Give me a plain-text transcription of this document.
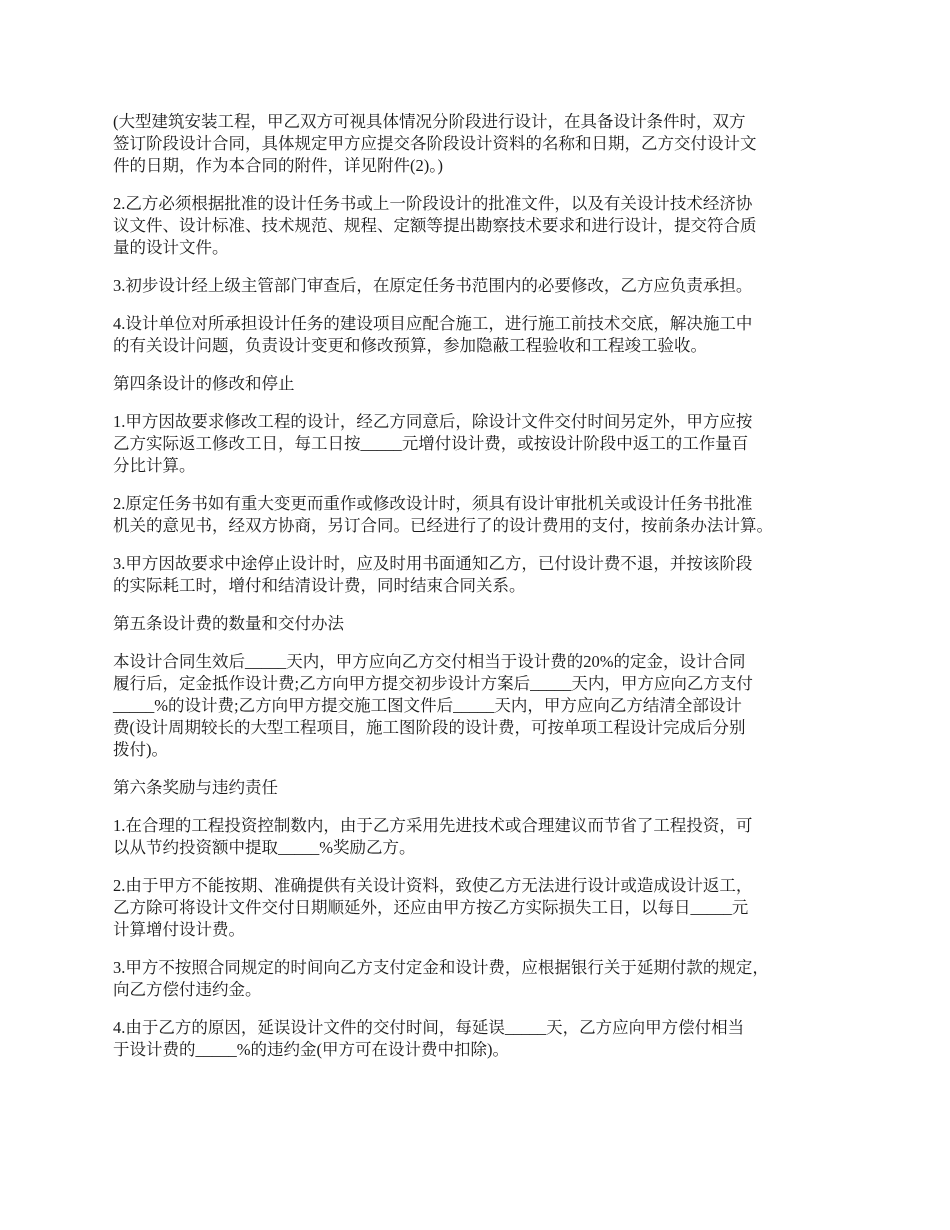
(大型建筑安装工程，甲乙双方可视具体情况分阶段进行设计，在具备设计条件时，双方
签订阶段设计合同，具体规定甲方应提交各阶段设计资料的名称和日期，乙方交付设计文
件的日期，作为本合同的附件，详见附件(2)。)

2.乙方必须根据批准的设计任务书或上一阶段设计的批准文件，以及有关设计技术经济协
议文件、设计标准、技术规范、规程、定额等提出勘察技术要求和进行设计，提交符合质
量的设计文件。

3.初步设计经上级主管部门审查后，在原定任务书范围内的必要修改，乙方应负责承担。

4.设计单位对所承担设计任务的建设项目应配合施工，进行施工前技术交底，解决施工中
的有关设计问题，负责设计变更和修改预算，参加隐蔽工程验收和工程竣工验收。

第四条设计的修改和停止

1.甲方因故要求修改工程的设计，经乙方同意后，除设计文件交付时间另定外，甲方应按
乙方实际返工修改工日，每工日按_____元增付设计费，或按设计阶段中返工的工作量百
分比计算。

2.原定任务书如有重大变更而重作或修改设计时，须具有设计审批机关或设计任务书批准
机关的意见书，经双方协商，另订合同。已经进行了的设计费用的支付，按前条办法计算。

3.甲方因故要求中途停止设计时，应及时用书面通知乙方，已付设计费不退，并按该阶段
的实际耗工时，增付和结清设计费，同时结束合同关系。

第五条设计费的数量和交付办法

本设计合同生效后_____天内，甲方应向乙方交付相当于设计费的20%的定金，设计合同
履行后，定金抵作设计费;乙方向甲方提交初步设计方案后_____天内，甲方应向乙方支付
_____%的设计费;乙方向甲方提交施工图文件后_____天内，甲方应向乙方结清全部设计
费(设计周期较长的大型工程项目，施工图阶段的设计费，可按单项工程设计完成后分别
拨付)。

第六条奖励与违约责任

1.在合理的工程投资控制数内，由于乙方采用先进技术或合理建议而节省了工程投资，可
以从节约投资额中提取_____%奖励乙方。

2.由于甲方不能按期、准确提供有关设计资料，致使乙方无法进行设计或造成设计返工，
乙方除可将设计文件交付日期顺延外，还应由甲方按乙方实际损失工日，以每日_____元
计算增付设计费。

3.甲方不按照合同规定的时间向乙方支付定金和设计费，应根据银行关于延期付款的规定，
向乙方偿付违约金。

4.由于乙方的原因，延误设计文件的交付时间，每延误_____天，乙方应向甲方偿付相当
于设计费的_____%的违约金(甲方可在设计费中扣除)。
